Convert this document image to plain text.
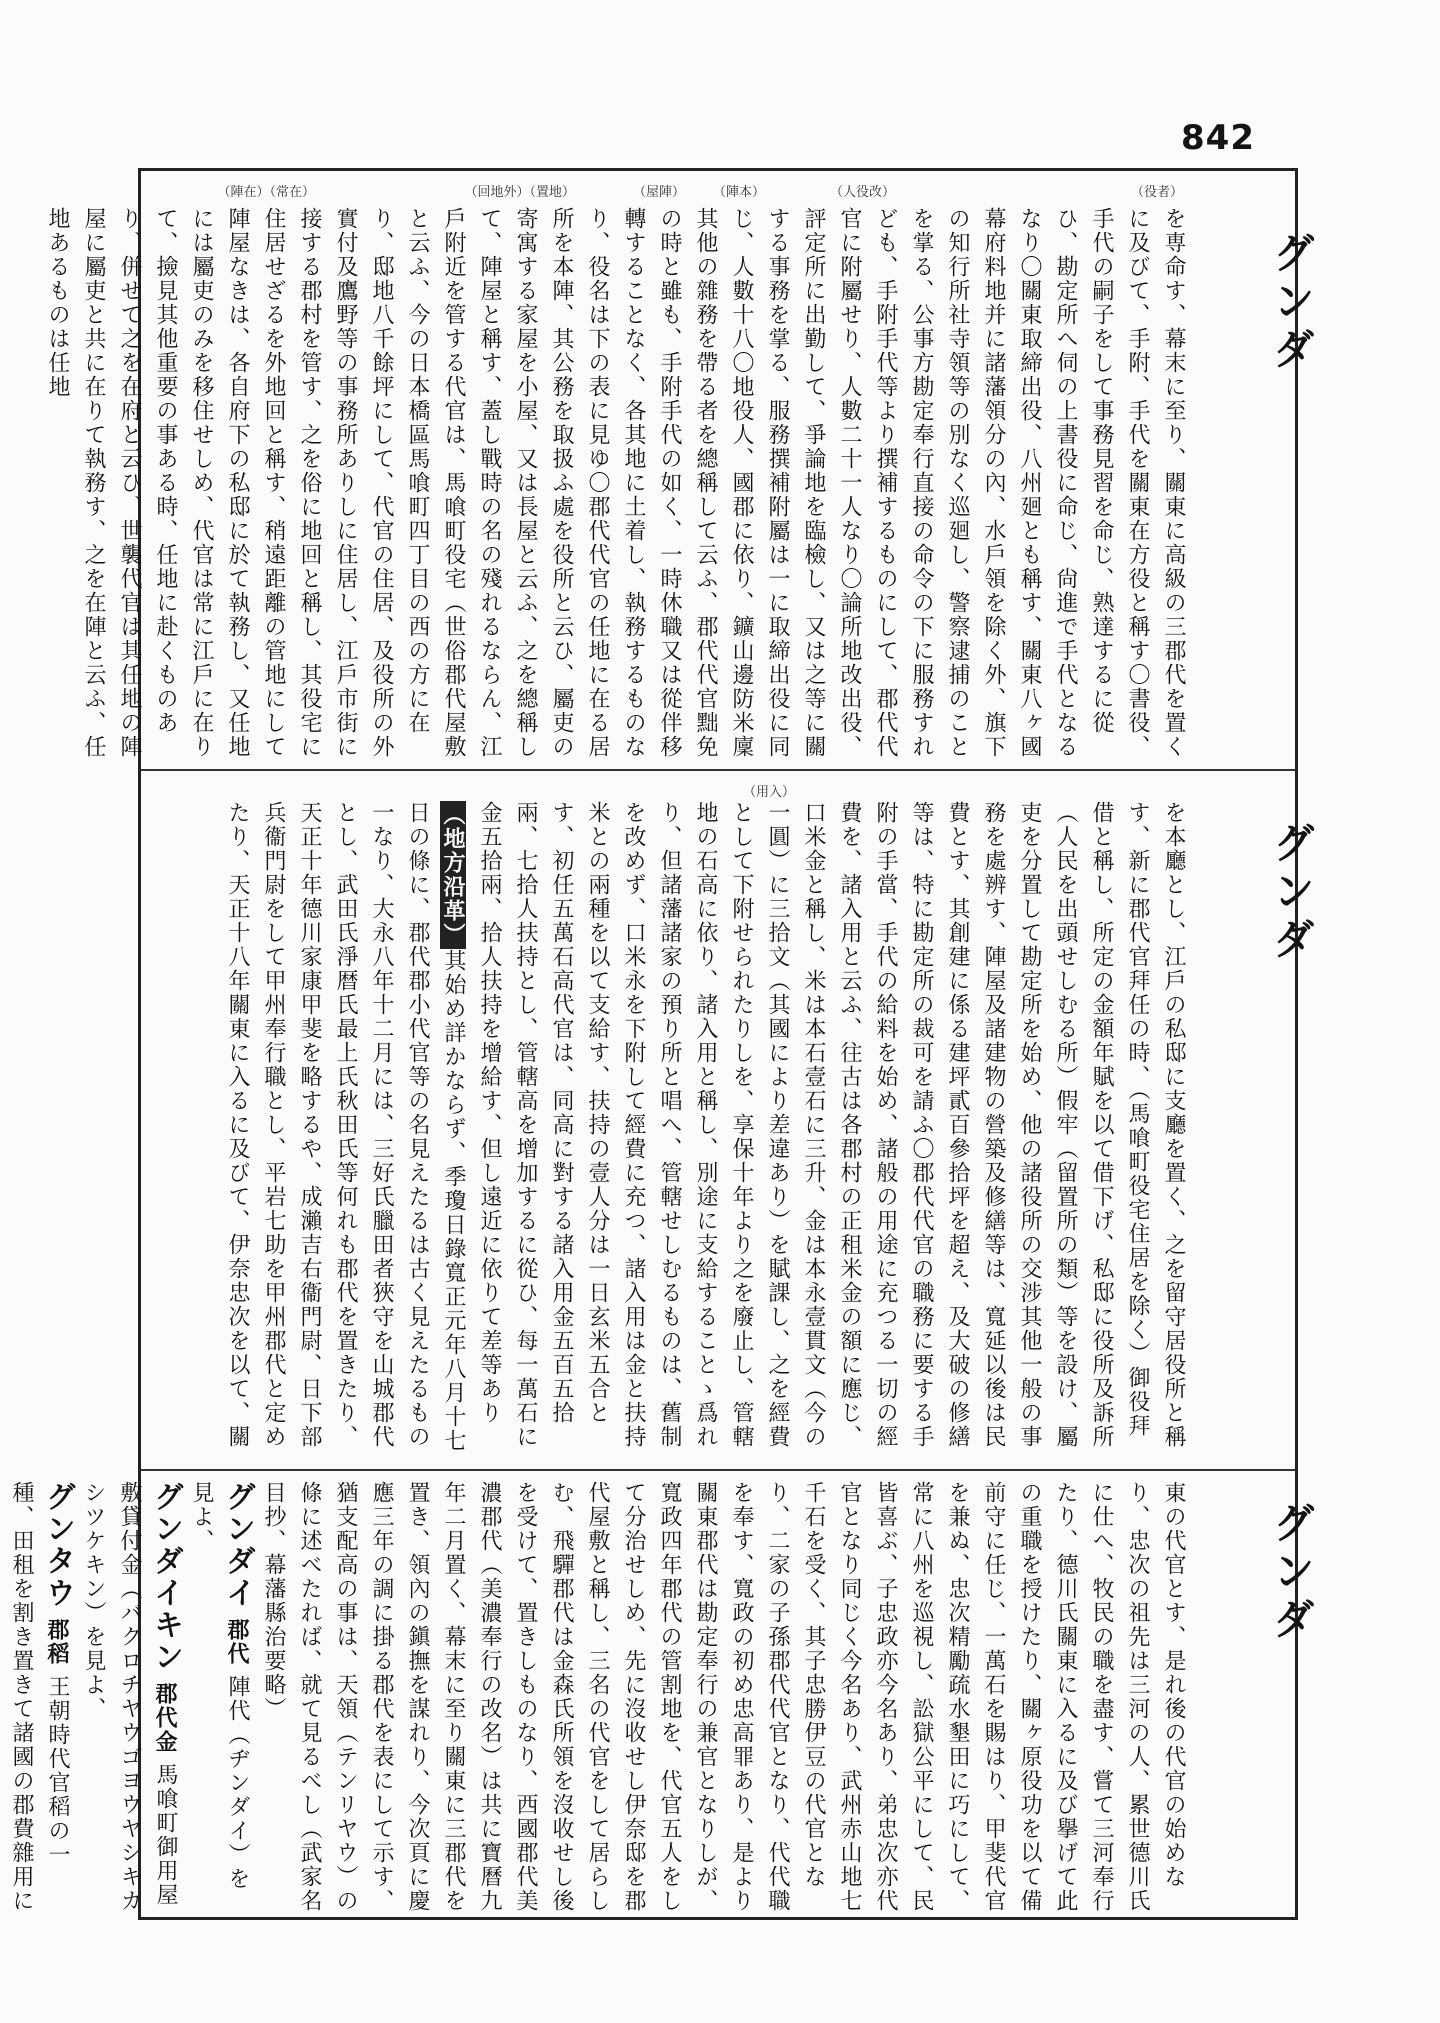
842
（役者）
（人役改）
（陣本）
（屋陣）
（回地外）（置地）
（陣在）（常在）
グンダ

を専命す、幕末に至り、關東に高級の三郡代を置くに及びて、手附、手代を關東在方役と稱す〇書役、手代の嗣子をして事務見習を命じ、熟達するに從ひ、勘定所へ伺の上書役に命じ、尙進で手代となるなり〇關東取締出役、八州廻とも稱す、關東八ヶ國幕府料地并に諸藩領分の內、水戶領を除く外、旗下の知行所社寺領等の別なく巡廻し、警察逮捕のことを掌る、公事方勘定奉行直接の命令の下に服務すれども、手附手代等より撰補するものにして、郡代代官に附屬せり、人數二十一人なり〇論所地改出役、評定所に出勤して、爭論地を臨檢し、又は之等に關する事務を掌る、服務撰補附屬は一に取締出役に同じ、人數十八〇地役人、國郡に依り、鑛山邊防米廩其他の雜務を帶る者を總稱して云ふ、郡代代官黜免の時と雖も、手附手代の如く、一時休職又は從伴移轉することなく、各其地に土着し、執務するものなり、役名は下の表に見ゆ〇郡代代官の任地に在る居所を本陣、其公務を取扱ふ處を役所と云ひ、屬吏の寄寓する家屋を小屋、又は長屋と云ふ、之を總稱して、陣屋と稱す、蓋し戰時の名の殘れるならん、江戶附近を管する代官は、馬喰町役宅（世俗郡代屋敷と云ふ、今の日本橋區馬喰町四丁目の西の方に在り、邸地八千餘坪にして、代官の住居、及役所の外實付及鷹野等の事務所ありしに住居し、江戶市街に接する郡村を管す、之を俗に地回と稱し、其役宅に住居せざるを外地回と稱す、稍遠距離の管地にして陣屋なきは、各自府下の私邸に於て執務し、又任地には屬吏のみを移住せしめ、代官は常に江戶に在りて、撿見其他重要の事ある時、任地に赴くものあり、併せて之を在府と云ひ、世襲代官は其任地の陣屋に屬吏と共に在りて執務す、之を在陣と云ふ、任地あるものは任地

（用入）
グンダ

を本廳とし、江戶の私邸に支廳を置く、之を留守居役所と稱す、新に郡代官拜任の時、（馬喰町役宅住居を除く）御役拜借と稱し、所定の金額年賦を以て借下げ、私邸に役所及訴所（人民を出頭せしむる所）假牢（留置所の類）等を設け、屬吏を分置して勘定所を始め、他の諸役所の交涉其他一般の事務を處辨す、陣屋及諸建物の營築及修繕等は、寬延以後は民費とす、其創建に係る建坪貳百參拾坪を超え、及大破の修繕等は、特に勘定所の裁可を請ふ〇郡代代官の職務に要する手附の手當、手代の給料を始め、諸般の用途に充つる一切の經費を、諸入用と云ふ、往古は各郡村の正租米金の額に應じ、口米金と稱し、米は本石壹石に三升、金は本永壹貫文（今の一圓）に三拾文（其國により差違あり）を賦課し、之を經費として下附せられたりしを、享保十年より之を廢止し、管轄地の石高に依り、諸入用と稱し、別途に支給することゝ爲れり、但諸藩諸家の預り所と唱へ、管轄せしむるものは、舊制を改めず、口米永を下附して經費に充つ、諸入用は金と扶持米との兩種を以て支給す、扶持の壹人分は一日玄米五合とす、初任五萬石高代官は、同高に對する諸入用金五百五拾兩、七拾人扶持とし、管轄高を增加するに從ひ、每一萬石に金五拾兩、拾人扶持を增給す、但し遠近に依りて差等あり（地方沿革）其始め詳かならず、季瓊日錄寬正元年八月十七日の條に、郡代郡小代官等の名見えたるは古く見えたるもの一なり、大永八年十二月には、三好氏臘田者狹守を山城郡代とし、武田氏淨暦氏最上氏秋田氏等何れも郡代を置きたり、天正十年德川家康甲斐を略するや、成瀨吉右衞門尉、日下部兵衞門尉をして甲州奉行職とし、平岩七助を甲州郡代と定めたり、天正十八年關東に入るに及びて、伊奈忠次を以て、關

グンダ

東の代官とす、是れ後の代官の始めなり、忠次の祖先は三河の人、累世德川氏に仕へ、牧民の職を盡す、嘗て三河奉行たり、德川氏關東に入るに及び擧げて此の重職を授けたり、關ヶ原役功を以て備前守に任じ、一萬石を賜はり、甲斐代官を兼ぬ、忠次精勵疏水墾田に巧にして、常に八州を巡視し、訟獄公平にして、民皆喜ぶ、子忠政亦今名あり、弟忠次亦代官となり同じく今名あり、武州赤山地七千石を受く、其子忠勝伊豆の代官となり、二家の子孫郡代代官となり、代代職を奉す、寬政の初め忠高罪あり、是より關東郡代は勘定奉行の兼官となりしが、寬政四年郡代の管割地を、代官五人をして分治せしめ、先に沒收せし伊奈邸を郡代屋敷と稱し、三名の代官をして居らしむ、飛驒郡代は金森氏所領を沒收せし後を受けて、置きしものなり、西國郡代美濃郡代（美濃奉行の改名）は共に寶曆九年二月置く、幕末に至り關東に三郡代を置き、領內の鎭撫を謀れり、今次頁に慶應三年の調に掛る郡代を表にして示す、猶支配高の事は、天領（テンリヤウ）の條に述べたれば、就て見るべし（武家名目抄、幕藩縣治要略）

グンダイ 郡代 陣代（ヂンダイ）を見よ、

グンダイキン 郡代金 馬喰町御用屋敷貸付金（バクロチヤウゴヨウヤシキカシツケキン）を見よ、

グンタウ 郡稻 王朝時代官稻の一種、田租を割き置きて諸國の郡費雜用に
